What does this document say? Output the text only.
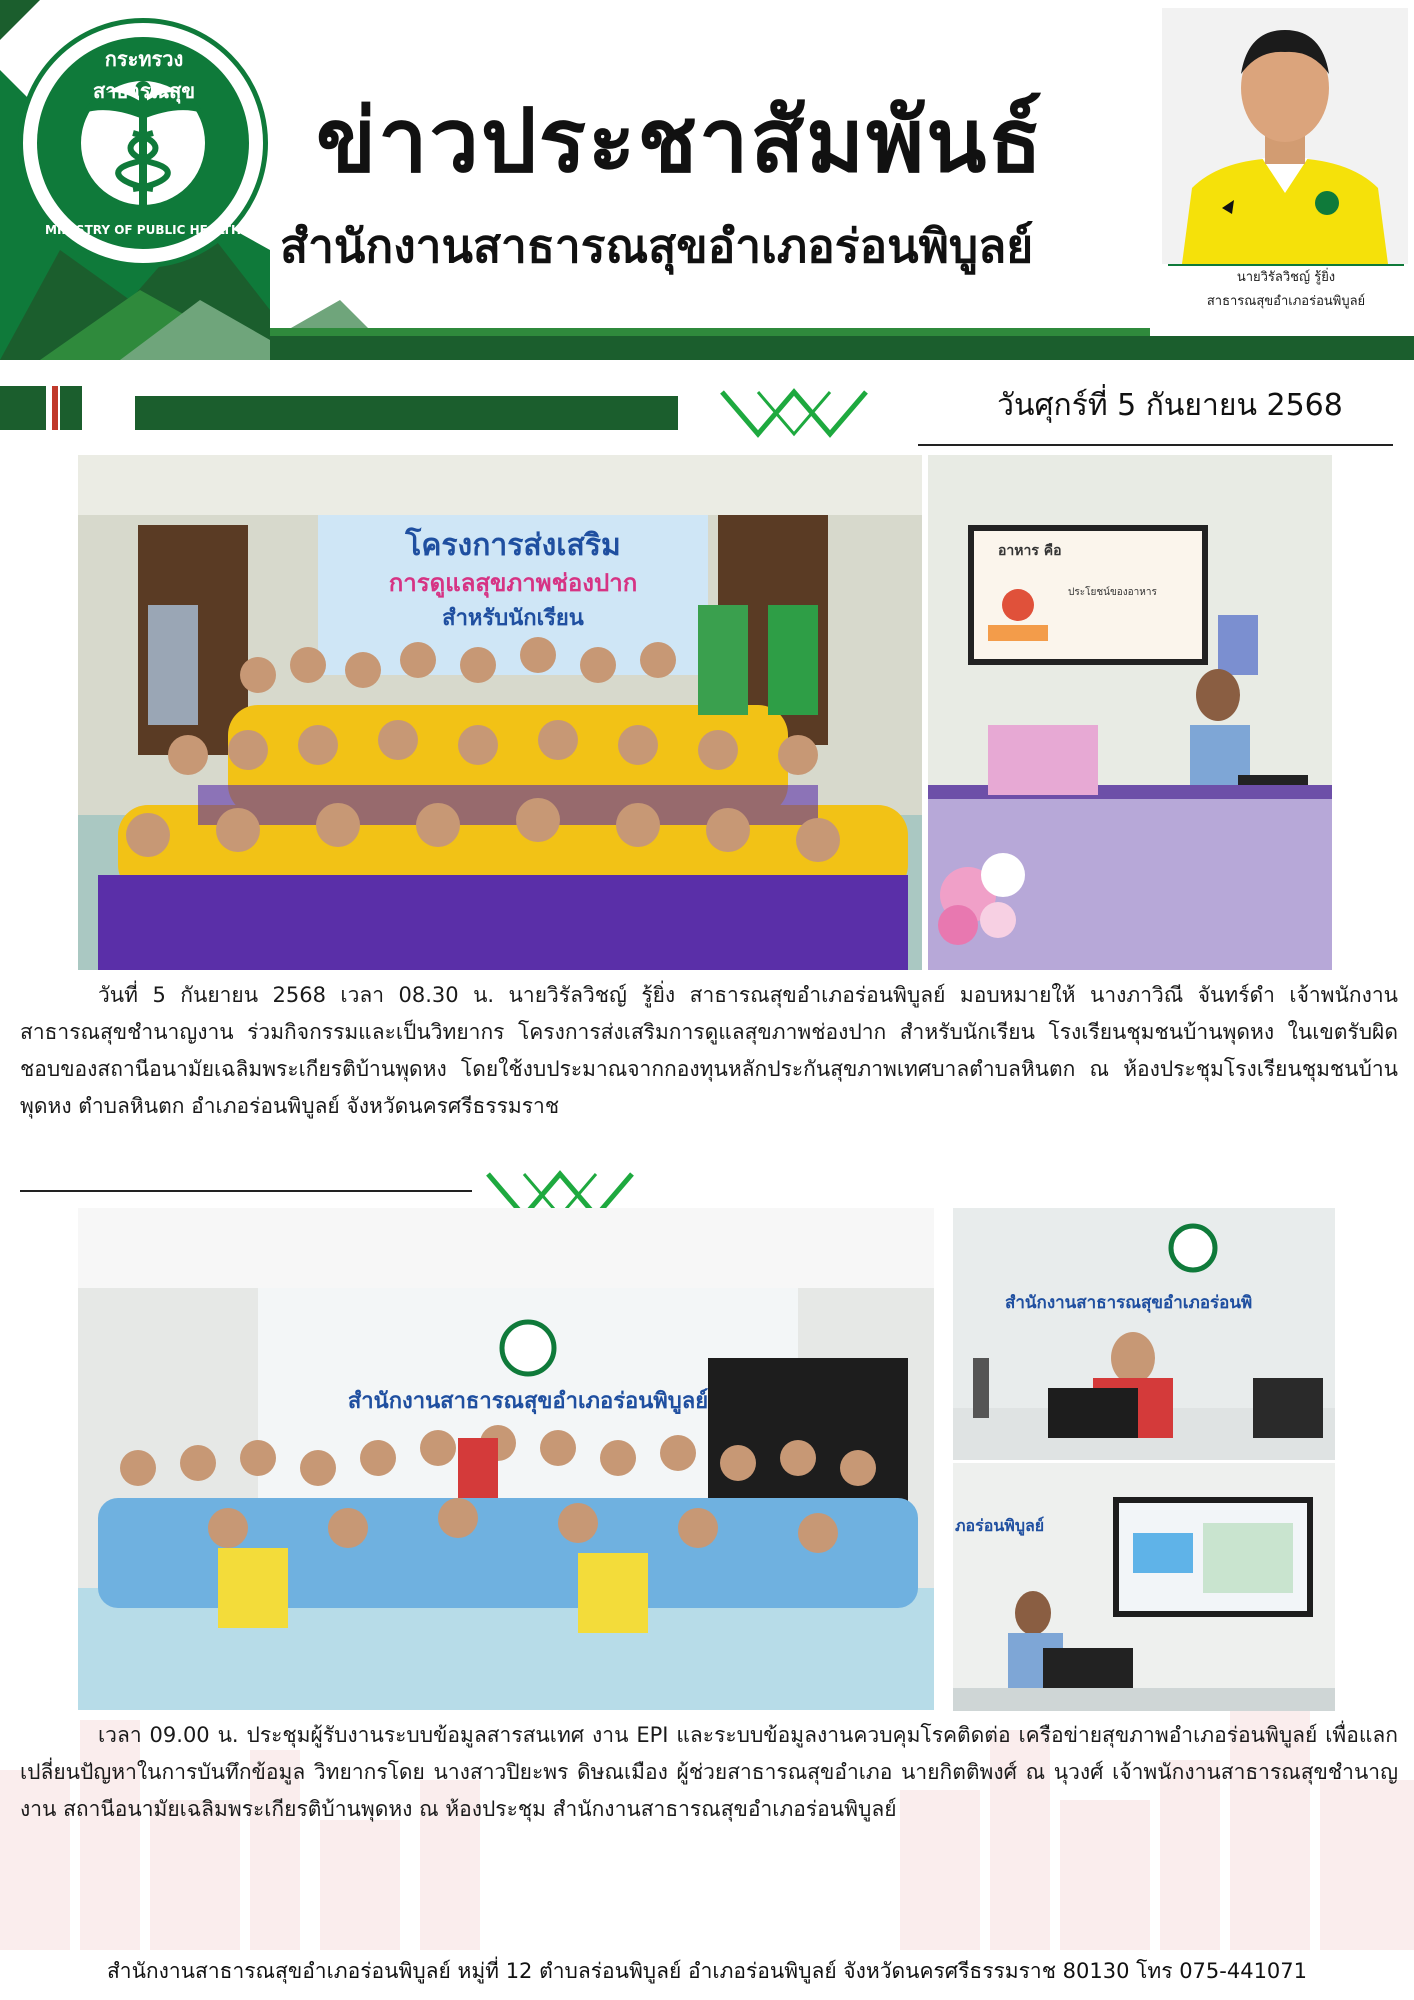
กระทรวงสาธารณสุข
MINISTRY OF PUBLIC HEALTH
ข่าวประชาสัมพันธ์
สำนักงานสาธารณสุขอำเภอร่อนพิบูลย์
นายวิรัลวิชญ์ รู้ยิ่ง
สาธารณสุขอำเภอร่อนพิบูลย์
วันศุกร์ที่ 5 กันยายน 2568
โครงการส่งเสริม
การดูแลสุขภาพช่องปาก
สำหรับนักเรียน
อาหาร คือ
ประโยชน์ของอาหาร
วันที่ 5 กันยายน 2568 เวลา 08.30 น. นายวิรัลวิชญ์ รู้ยิ่ง สาธารณสุขอำเภอร่อนพิบูลย์ มอบหมายให้ นางภาวิณี จันทร์ดำ เจ้าพนักงานสาธารณสุขชำนาญงาน ร่วมกิจกรรมและเป็นวิทยากร โครงการส่งเสริมการดูแลสุขภาพช่องปาก สำหรับนักเรียน โรงเรียนชุมชนบ้านพุดหง ในเขตรับผิดชอบของสถานีอนามัยเฉลิมพระเกียรติบ้านพุดหง โดยใช้งบประมาณจากกองทุนหลักประกันสุขภาพเทศบาลตำบลหินตก ณ ห้องประชุมโรงเรียนชุมชนบ้านพุดหง ตำบลหินตก อำเภอร่อนพิบูลย์ จังหวัดนครศรีธรรมราช
สำนักงานสาธารณสุขอำเภอร่อนพิบูลย์
สำนักงานสาธารณสุขอำเภอร่อนพิ
ภอร่อนพิบูลย์
เวลา 09.00 น. ประชุมผู้รับงานระบบข้อมูลสารสนเทศ งาน EPI และระบบข้อมูลงานควบคุมโรคติดต่อ เครือข่ายสุขภาพอำเภอร่อนพิบูลย์ เพื่อแลกเปลี่ยนปัญหาในการบันทึกข้อมูล วิทยากรโดย นางสาวปิยะพร ดิษณเมือง ผู้ช่วยสาธารณสุขอำเภอ นายกิตติพงศ์ ณ นุวงศ์ เจ้าพนักงานสาธารณสุขชำนาญงาน สถานีอนามัยเฉลิมพระเกียรติบ้านพุดหง ณ ห้องประชุม สำนักงานสาธารณสุขอำเภอร่อนพิบูลย์
สำนักงานสาธารณสุขอำเภอร่อนพิบูลย์ หมู่ที่ 12 ตำบลร่อนพิบูลย์ อำเภอร่อนพิบูลย์ จังหวัดนครศรีธรรมราช 80130 โทร 075-441071
